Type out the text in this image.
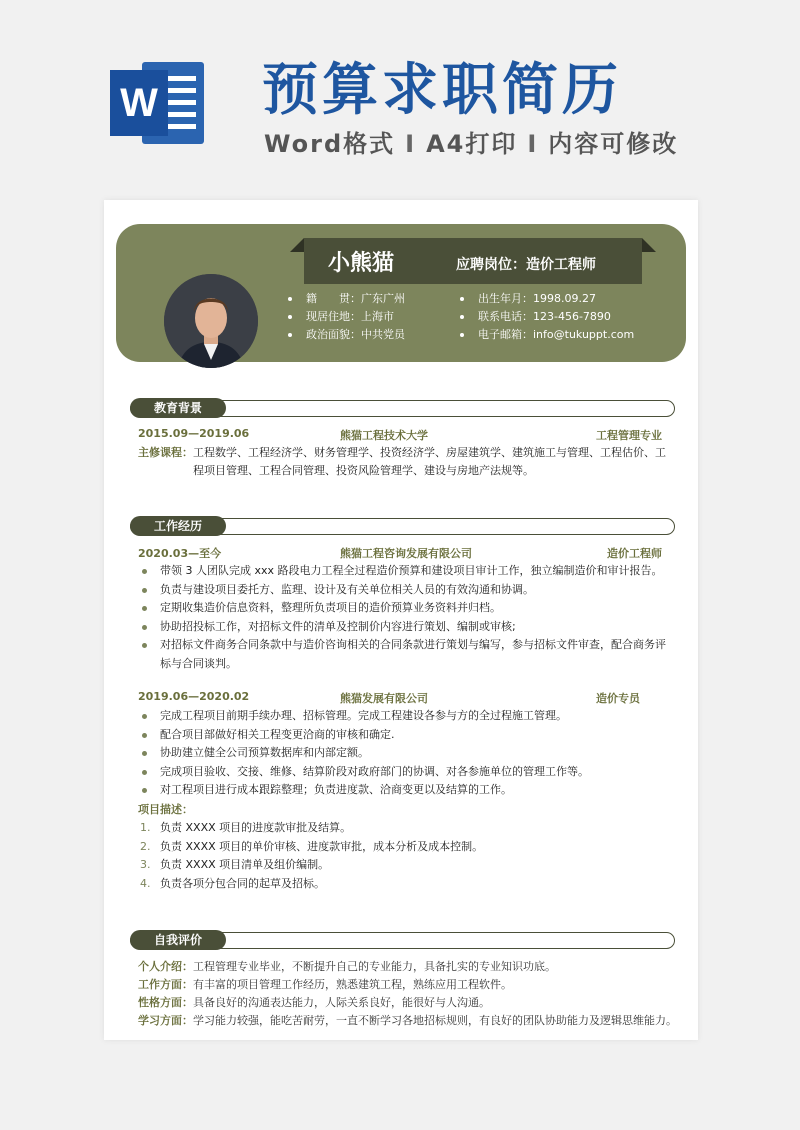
W 预算求职简历
Word格式 I A4打印 I 内容可修改
小熊猫	应聘岗位：造价工程师
籍　　贯：广东广州
现居住地：上海市
政治面貌：中共党员
出生年月：1998.09.27
联系电话：123-456-7890
电子邮箱：info@tukuppt.com
教育背景
2015.09—2019.06	熊猫工程技术大学	工程管理专业
主修课程：工程数学、工程经济学、财务管理学、投资经济学、房屋建筑学、建筑施工与管理、工程估价、工
程项目管理、工程合同管理、投资风险管理学、建设与房地产法规等。
工作经历
2020.03—至今	熊猫工程咨询发展有限公司	造价工程师
带领 3 人团队完成 xxx 路段电力工程全过程造价预算和建设项目审计工作，独立编制造价和审计报告。
负责与建设项目委托方、监理、设计及有关单位相关人员的有效沟通和协调。
定期收集造价信息资料，整理所负责项目的造价预算业务资料并归档。
协助招投标工作，对招标文件的清单及控制价内容进行策划、编制或审核;
对招标文件商务合同条款中与造价咨询相关的合同条款进行策划与编写，参与招标文件审查，配合商务评
标与合同谈判。
2019.06—2020.02	熊猫发展有限公司	造价专员
完成工程项目前期手续办理、招标管理。完成工程建设各参与方的全过程施工管理。
配合项目部做好相关工程变更洽商的审核和确定.
协助建立健全公司预算数据库和内部定额。
完成项目验收、交接、维修、结算阶段对政府部门的协调、对各参施单位的管理工作等。
对工程项目进行成本跟踪整理；负责进度款、洽商变更以及结算的工作。
项目描述：
1. 负责 XXXX 项目的进度款审批及结算。
2. 负责 XXXX 项目的单价审核、进度款审批，成本分析及成本控制。
3. 负责 XXXX 项目清单及组价编制。
4. 负责各项分包合同的起草及招标。
自我评价
个人介绍：工程管理专业毕业，不断提升自己的专业能力，具备扎实的专业知识功底。
工作方面：有丰富的项目管理工作经历，熟悉建筑工程，熟练应用工程软件。
性格方面：具备良好的沟通表达能力，人际关系良好，能很好与人沟通。
学习方面：学习能力较强，能吃苦耐劳，一直不断学习各地招标规则，有良好的团队协助能力及逻辑思维能力。
